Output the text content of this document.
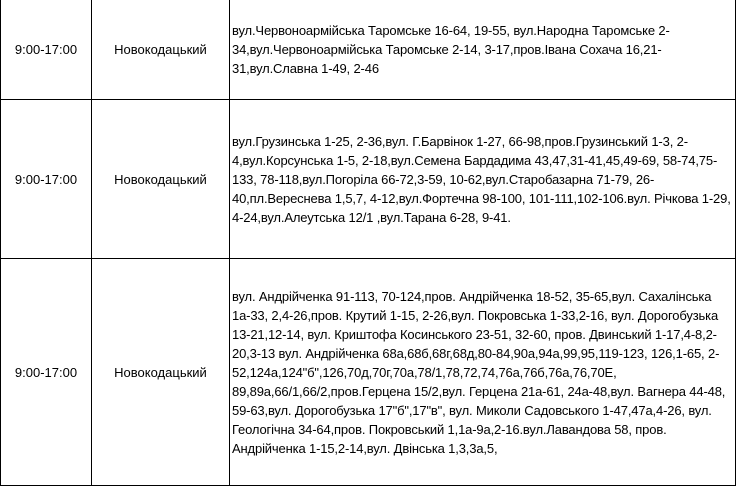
9:00-17:00	Новокодацький	вул.Червоноармійська Таромське 16-64, 19-55, вул.Народна Таромське 2-34,вул.Червоноармійська Таромське 2-14, 3-17,пров.Івана Сохача 16,21-31,вул.Славна 1-49, 2-46
9:00-17:00	Новокодацький	вул.Грузинська 1-25, 2-36,вул. Г.Барвінок 1-27, 66-98,пров.Грузинський 1-3, 2-4,вул.Корсунська 1-5, 2-18,вул.Семена Бардадима 43,47,31-41,45,49-69, 58-74,75-133, 78-118,вул.Погоріла 66-72,3-59, 10-62,вул.Старобазарна 71-79, 26-40,пл.Вереснева 1,5,7, 4-12,вул.Фортечна 98-100, 101-111,102-106.вул. Річкова 1-29, 4-24,вул.Алеутська 12/1 ,вул.Тарана 6-28, 9-41.
9:00-17:00	Новокодацький	вул. Андрійченка 91-113, 70-124,пров. Андрійченка 18-52, 35-65,вул. Сахалінська 1а-33, 2,4-26,пров. Крутий 1-15, 2-26,вул. Покровська 1-33,2-16, вул. Дорогобузька 13-21,12-14, вул. Криштофа Косинського 23-51, 32-60, пров. Двинський 1-17,4-8,2-20,3-13 вул. Андрійченка 68а,68б,68г,68д,80-84,90а,94а,99,95,119-123, 126,1-65, 2-52,124а,124"б",126,70д,70г,70а,78/1,78,72,74,76а,76б,76а,76,70Е, 89,89а,66/1,66/2,пров.Герцена 15/2,вул. Герцена 21а-61, 24а-48,вул. Вагнера 44-48, 59-63,вул. Дорогобузька 17"б",17"в", вул. Миколи Садовського 1-47,47а,4-26, вул. Геологічна 34-64,пров. Покровський 1,1а-9а,2-16.вул.Лавандова 58, пров. Андрійченка 1-15,2-14,вул. Двінська 1,3,3а,5,
